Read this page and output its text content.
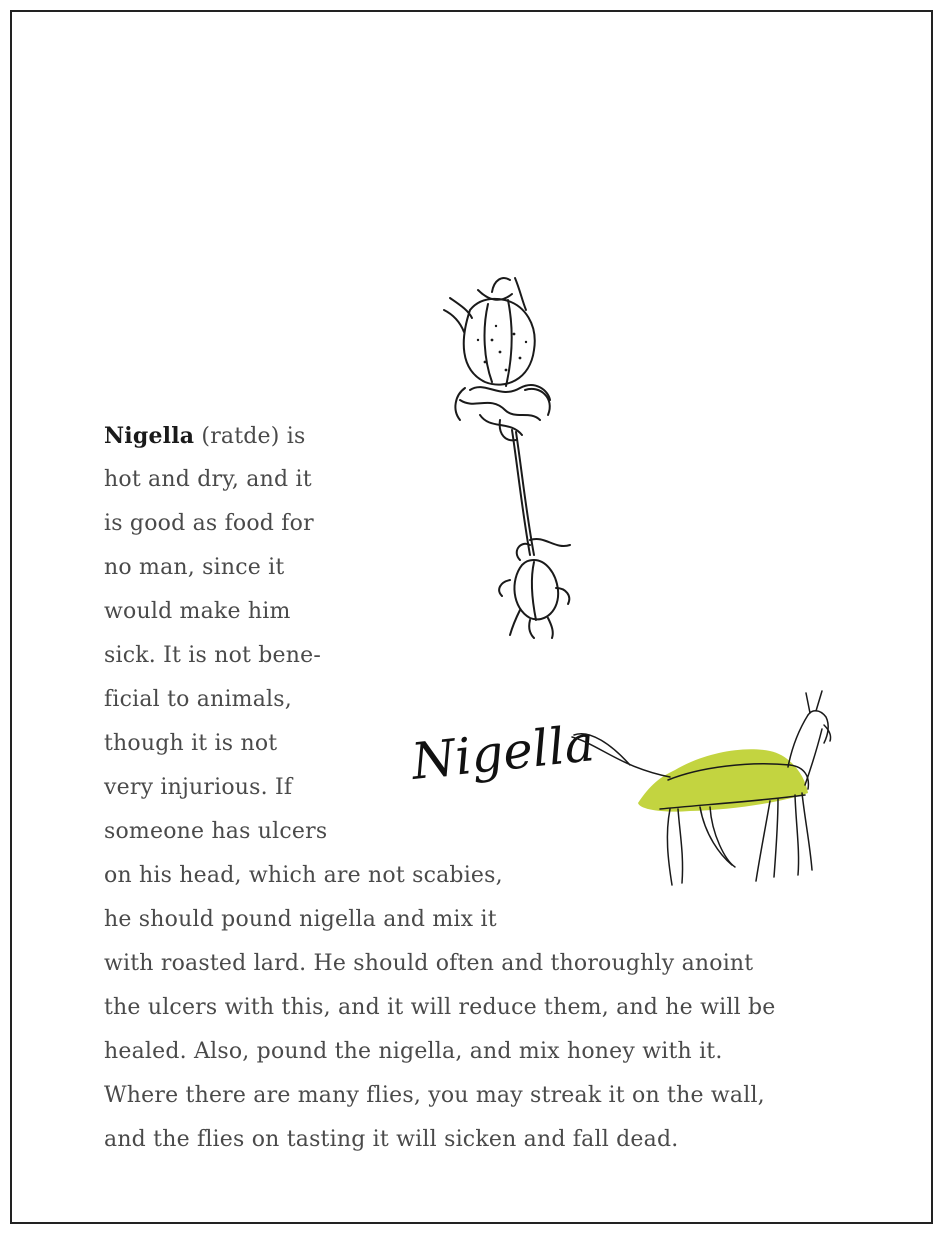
Nigella (ratde) is
hot and dry, and it
is good as food for
no man, since it
would make him
sick. It is not bene-
ficial to animals,
though it is not
very injurious. If
someone has ulcers
on his head, which are not scabies,
he should pound nigella and mix it
with roasted lard. He should often and thoroughly anoint
the ulcers with this, and it will reduce them, and he will be
healed. Also, pound the nigella, and mix honey with it.
Where there are many flies, you may streak it on the wall,
and the flies on tasting it will sicken and fall dead.
Nigella
